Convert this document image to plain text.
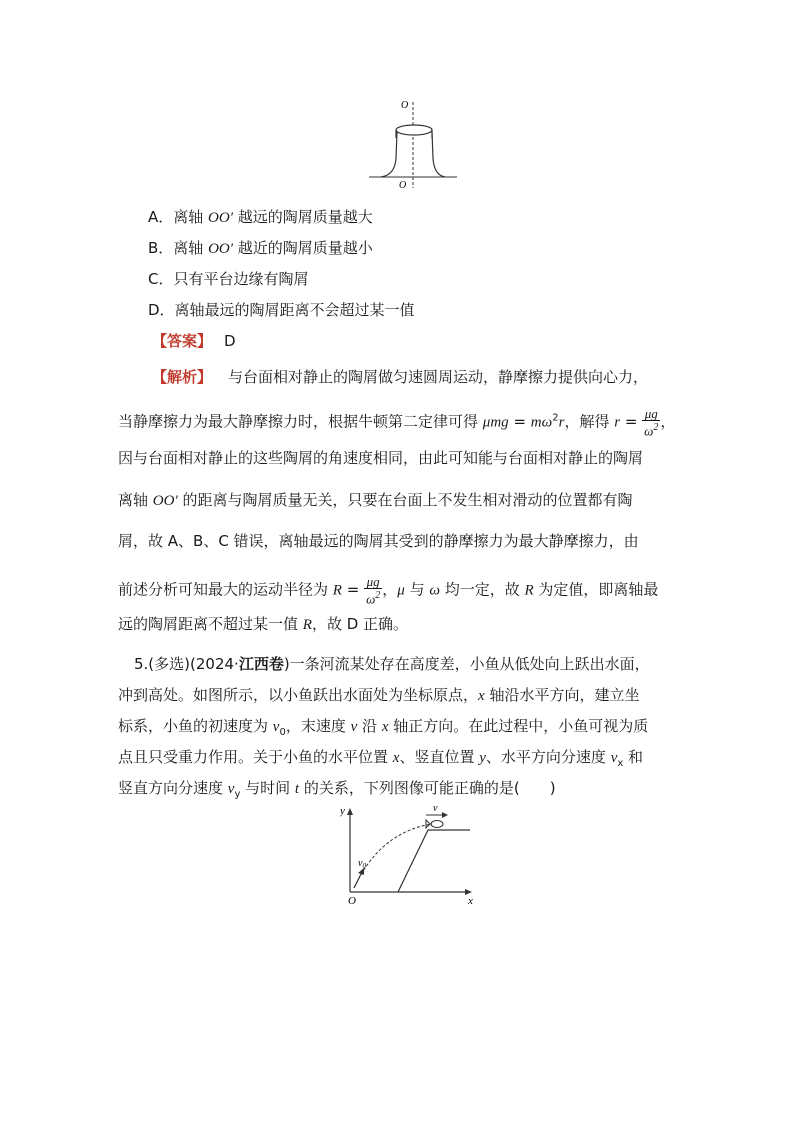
O
O
A．离轴 OO′ 越远的陶屑质量越大
B．离轴 OO′ 越近的陶屑质量越小
C．只有平台边缘有陶屑
D．离轴最远的陶屑距离不会超过某一值
【答案】 D
【解析】 与台面相对静止的陶屑做匀速圆周运动，静摩擦力提供向心力，
当静摩擦力为最大静摩擦力时，根据牛顿第二定律可得 $\mu mg = m\omega^2r$，解得 $r = \frac{\mu g}{\omega^2}$ ，
因与台面相对静止的这些陶屑的角速度相同，由此可知能与台面相对静止的陶屑
离轴 OO′ 的距离与陶屑质量无关，只要在台面上不发生相对滑动的位置都有陶
屑，故 A、B、C 错误，离轴最远的陶屑其受到的静摩擦力为最大静摩擦力，由
前述分析可知最大的运动半径为 $R = \frac{\mu g}{\omega^2}$ ，μ 与 ω 均一定，故 R 为定值，即离轴最
远的陶屑距离不超过某一值 R，故 D 正确。
5.(多选)(2024·江西卷)一条河流某处存在高度差，小鱼从低处向上跃出水面，
冲到高处。如图所示，以小鱼跃出水面处为坐标原点，x 轴沿水平方向，建立坐
标系，小鱼的初速度为 $v_0$，末速度 v 沿 x 轴正方向。在此过程中，小鱼可视为质
点且只受重力作用。关于小鱼的水平位置 x、竖直位置 y、水平方向分速度 $v_x$ 和
竖直方向分速度 $v_y$ 与时间 t 的关系，下列图像可能正确的是(　　)
y
x
O
v
$v_0$
